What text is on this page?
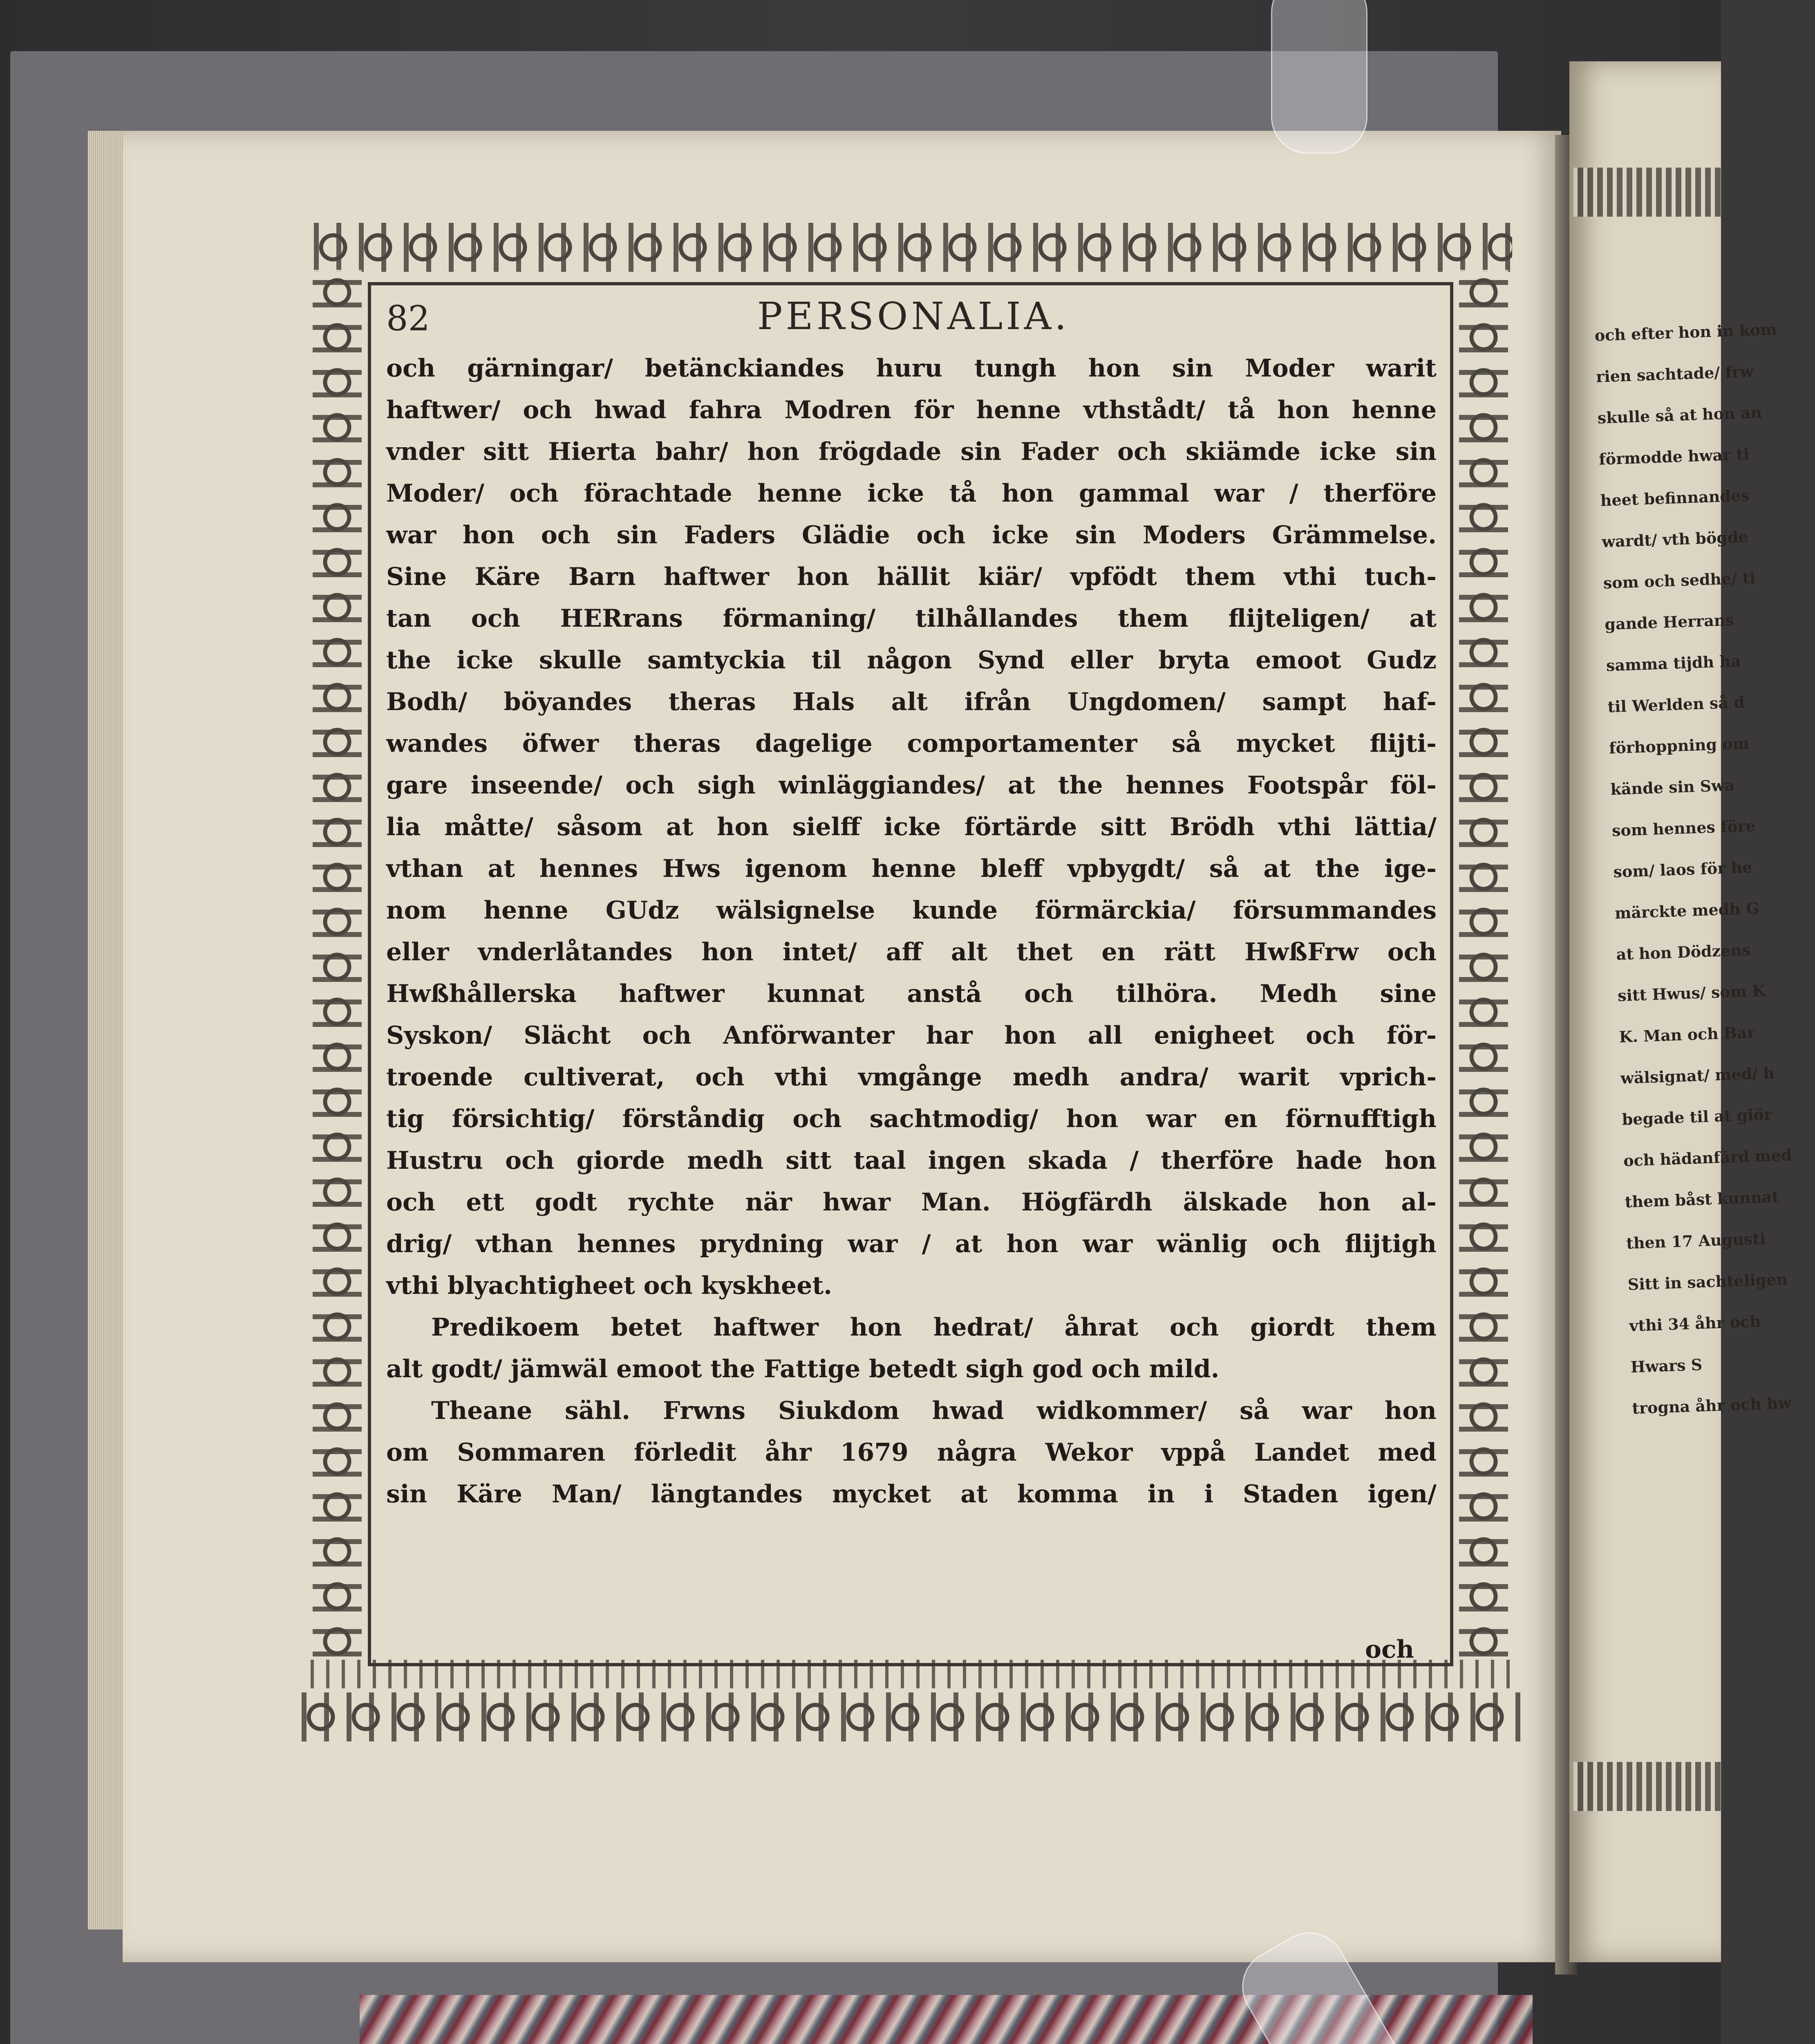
och efter hon in kom
rien sachtade/ frw
skulle så at hon an
förmodde hwar ti
heet befinnandes
wardt/ vth bögde
som och sedhe/ ti
gande Herrans
samma tijdh ha
til Werlden så d
förhoppning om
kände sin Swa
som hennes före
som/ laos för he
märckte medh G
at hon Dödzens
sitt Hwus/ som K
K. Man och Bar
wälsignat/ med/ h
begade til at giör
och hädanfärd med
them båst kunnat
then 17 Augusti
Sitt in sachteligen
vthi 34 åhr och
Hwars S
trogna åhr och hw
82	PERSONALIA.
och gärningar/ betänckiandes huru tungh hon sin Moder warit
haftwer/ och hwad fahra Modren för henne vthstådt/ tå hon henne
vnder sitt Hierta bahr/ hon frögdade sin Fader och skiämde icke sin
Moder/ och förachtade henne icke tå hon gammal war / therföre
war hon och sin Faders Glädie och icke sin Moders Grämmelse.
Sine Käre Barn haftwer hon hällit kiär/ vpfödt them vthi tuch-
tan och HERrans förmaning/ tilhållandes them flijteligen/ at
the icke skulle samtyckia til någon Synd eller bryta emoot Gudz
Bodh/ böyandes theras Hals alt ifrån Ungdomen/ sampt haf-
wandes öfwer theras dagelige comportamenter så mycket flijti-
gare inseende/ och sigh winläggiandes/ at the hennes Footspår föl-
lia måtte/ såsom at hon sielff icke förtärde sitt Brödh vthi lättia/
vthan at hennes Hws igenom henne bleff vpbygdt/ så at the ige-
nom henne GUdz wälsignelse kunde förmärckia/ försummandes
eller vnderlåtandes hon intet/ aff alt thet en rätt HwßFrw och
Hwßhållerska haftwer kunnat anstå och tilhöra. Medh sine
Syskon/ Slächt och Anförwanter har hon all enigheet och för-
troende cultiverat, och vthi vmgånge medh andra/ warit vprich-
tig försichtig/ förståndig och sachtmodig/ hon war en förnufftigh
Hustru och giorde medh sitt taal ingen skada / therföre hade hon
och ett godt rychte när hwar Man. Högfärdh älskade hon al-
drig/ vthan hennes prydning war / at hon war wänlig och flijtigh
vthi blyachtigheet och kyskheet.
Predikoem betet haftwer hon hedrat/ åhrat och giordt them
alt godt/ jämwäl emoot the Fattige betedt sigh god och mild.
Theane sähl. Frwns Siukdom hwad widkommer/ så war hon
om Sommaren förledit åhr 1679 några Wekor vppå Landet med
sin Käre Man/ längtandes mycket at komma in i Staden igen/
och
